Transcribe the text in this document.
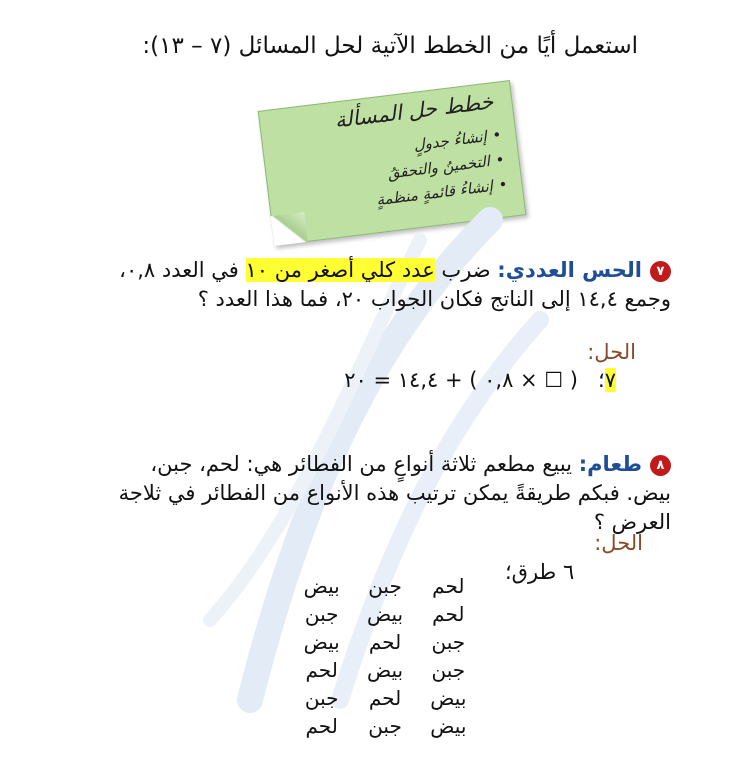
استعمل أيًا من الخطط الآتية لحل المسائل (٧ – ١٣):
خطط حل المسألة
• إنشاءُ جدولٍ
• التخمينُ والتحققُ
• إنشاءُ قائمةٍ منظمةٍ
٧الحس العددي: ضرب عدد كلي أصغر من ١٠ في العدد ٠,٨، وجمع ١٤,٤ إلى الناتج فكان الجواب ٢٠، فما هذا العدد ؟
الحل:
٧؛   ( ☐ × ٠,٨ ) + ١٤,٤ = ٢٠
٨طعام: يبيع مطعم ثلاثة أنواعٍ من الفطائر هي: لحم، جبن، بيض. فبكم طريقةً يمكن ترتيب هذه الأنواع من الفطائر في ثلاجة العرض ؟
الحل:
٦ طرق؛
لحم	جبن	بيض
لحم	بيض	جبن
جبن	لحم	بيض
جبن	بيض	لحم
بيض	لحم	جبن
بيض	جبن	لحم
